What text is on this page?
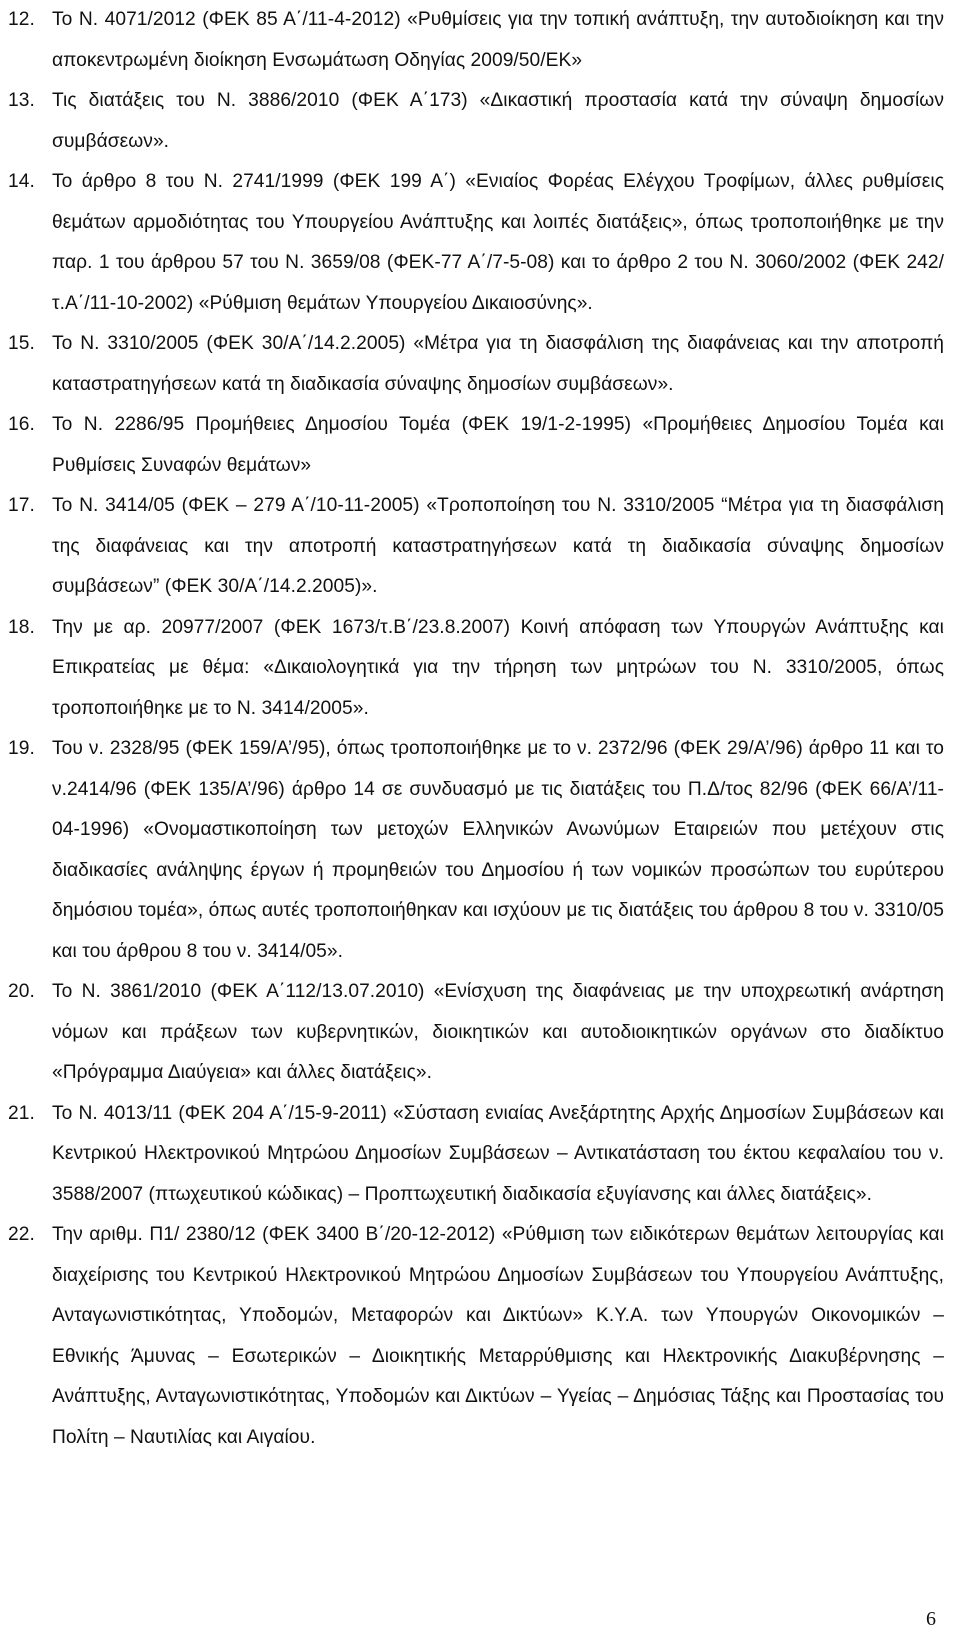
12. Το Ν. 4071/2012 (ΦΕΚ 85 Α΄/11-4-2012) «Ρυθμίσεις για την τοπική ανάπτυξη, την αυτοδιοίκηση και την αποκεντρωμένη διοίκηση Ενσωμάτωση Οδηγίας 2009/50/ΕΚ»
13. Τις διατάξεις του Ν. 3886/2010 (ΦΕΚ Α΄173) «Δικαστική προστασία κατά την σύναψη δημοσίων συμβάσεων».
14. Το άρθρο 8 του Ν. 2741/1999 (ΦΕΚ 199 Α΄) «Ενιαίος Φορέας Ελέγχου Τροφίμων, άλλες ρυθμίσεις θεμάτων αρμοδιότητας του Υπουργείου Ανάπτυξης και λοιπές διατάξεις», όπως τροποποιήθηκε με την παρ. 1 του άρθρου 57 του Ν. 3659/08 (ΦΕΚ-77 Α΄/7-5-08) και το άρθρο 2 του Ν. 3060/2002 (ΦΕΚ 242/τ.Α΄/11-10-2002) «Ρύθμιση θεμάτων Υπουργείου Δικαιοσύνης».
15. Το Ν. 3310/2005 (ΦΕΚ 30/Α΄/14.2.2005) «Μέτρα για τη διασφάλιση της διαφάνειας και την αποτροπή καταστρατηγήσεων κατά τη διαδικασία σύναψης δημοσίων συμβάσεων».
16. Το Ν. 2286/95 Προμήθειες Δημοσίου Τομέα (ΦΕΚ 19/1-2-1995) «Προμήθειες Δημοσίου Τομέα και Ρυθμίσεις Συναφών θεμάτων»
17. Το Ν. 3414/05 (ΦΕΚ – 279 Α΄/10-11-2005) «Τροποποίηση του Ν. 3310/2005 “Μέτρα για τη διασφάλιση της διαφάνειας και την αποτροπή καταστρατηγήσεων κατά τη διαδικασία σύναψης δημοσίων συμβάσεων” (ΦΕΚ 30/Α΄/14.2.2005)».
18. Την με αρ. 20977/2007 (ΦΕΚ 1673/τ.Β΄/23.8.2007) Κοινή απόφαση των Υπουργών Ανάπτυξης και Επικρατείας με θέμα: «Δικαιολογητικά για την τήρηση των μητρώων του Ν. 3310/2005, όπως τροποποιήθηκε με το Ν. 3414/2005».
19. Του ν. 2328/95 (ΦΕΚ 159/Α’/95), όπως τροποποιήθηκε με το ν. 2372/96 (ΦΕΚ 29/Α’/96) άρθρο 11 και το ν.2414/96 (ΦΕΚ 135/Α’/96) άρθρο 14 σε συνδυασμό με τις διατάξεις του Π.Δ/τος 82/96 (ΦΕΚ 66/Α’/11-04-1996) «Ονομαστικοποίηση των μετοχών Ελληνικών Ανωνύμων Εταιρειών που μετέχουν στις διαδικασίες ανάληψης έργων ή προμηθειών του Δημοσίου ή των νομικών προσώπων του ευρύτερου δημόσιου τομέα», όπως αυτές τροποποιήθηκαν και ισχύουν με τις διατάξεις του άρθρου 8 του ν. 3310/05 και του άρθρου 8 του ν. 3414/05».
20. Το Ν. 3861/2010 (ΦΕΚ Α΄112/13.07.2010) «Ενίσχυση της διαφάνειας με την υποχρεωτική ανάρτηση νόμων και πράξεων των κυβερνητικών, διοικητικών και αυτοδιοικητικών οργάνων στο διαδίκτυο «Πρόγραμμα Διαύγεια» και άλλες διατάξεις».
21. Το Ν. 4013/11 (ΦΕΚ 204 Α΄/15-9-2011) «Σύσταση ενιαίας Ανεξάρτητης Αρχής Δημοσίων Συμβάσεων και Κεντρικού Ηλεκτρονικού Μητρώου Δημοσίων Συμβάσεων – Αντικατάσταση του έκτου κεφαλαίου του ν. 3588/2007 (πτωχευτικού κώδικας) – Προπτωχευτική διαδικασία εξυγίανσης και άλλες διατάξεις».
22. Την αριθμ. Π1/ 2380/12 (ΦΕΚ 3400 Β΄/20-12-2012) «Ρύθμιση των ειδικότερων θεμάτων λειτουργίας και διαχείρισης του Κεντρικού Ηλεκτρονικού Μητρώου Δημοσίων Συμβάσεων του Υπουργείου Ανάπτυξης, Ανταγωνιστικότητας, Υποδομών, Μεταφορών και Δικτύων» Κ.Υ.Α. των Υπουργών Οικονομικών – Εθνικής Άμυνας – Εσωτερικών – Διοικητικής Μεταρρύθμισης και Ηλεκτρονικής Διακυβέρνησης – Ανάπτυξης, Ανταγωνιστικότητας, Υποδομών και Δικτύων – Υγείας – Δημόσιας Τάξης και Προστασίας του Πολίτη – Ναυτιλίας και Αιγαίου.
6
